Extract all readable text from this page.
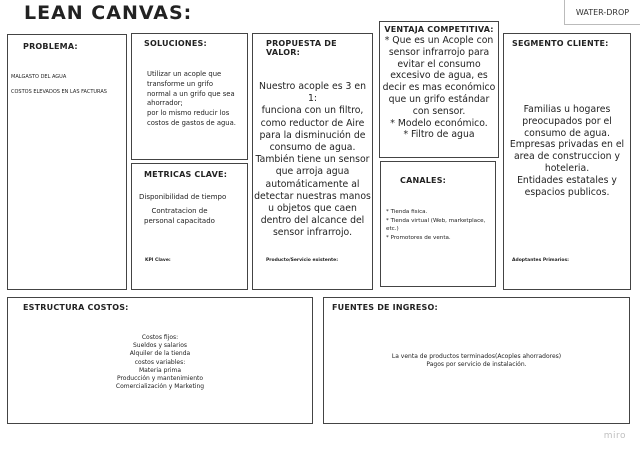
LEAN CANVAS:	WATER-DROP
PROBLEMA:
MALGASTO DEL AGUA
COSTOS ELEVADOS EN LAS FACTURAS
SOLUCIONES:
Utilizar un acople que
transforme un grifo
normal a un grifo que sea
ahorrador;
por lo mismo reducir los
costos de gastos de agua.
METRICAS CLAVE:
Disponibilidad de tiempo
Contratacion de
personal capacitado
KPI Clave:
PROPUESTA DE VALOR:
Nuestro acople es 3 en
1:
funciona con un filtro,
como reductor de Aire
para la disminución de
consumo de agua.
También tiene un sensor
que arroja agua
automáticamente al
detectar nuestras manos
u objetos que caen
dentro del alcance del
sensor infrarrojo.
Producto/Servicio existente:
VENTAJA COMPETITIVA:
* Que es un Acople con
sensor infrarrojo para
evitar el consumo
excesivo de agua, es
decir es mas económico
que un grifo estándar
con sensor.
* Modelo económico.
* Filtro de agua
CANALES:
* Tienda fisica.
* Tienda virtual (Web, marketplace,
etc.)
* Promotores de venta.
SEGMENTO CLIENTE:
Familias u hogares
preocupados por el
consumo de agua.
Empresas privadas en el
area de construccion y
hoteleria.
Entidades estatales y
espacios publicos.
Adoptantes Primarios:
ESTRUCTURA COSTOS:
Costos fijos:
Sueldos y salarios
Alquiler de la tienda
costos variables:
Materia prima
Producción y mantenimiento
Comercialización y Marketing
FUENTES DE INGRESO:
La venta de productos terminados(Acoples ahorradores)
Pagos por servicio de instalación.
miro
